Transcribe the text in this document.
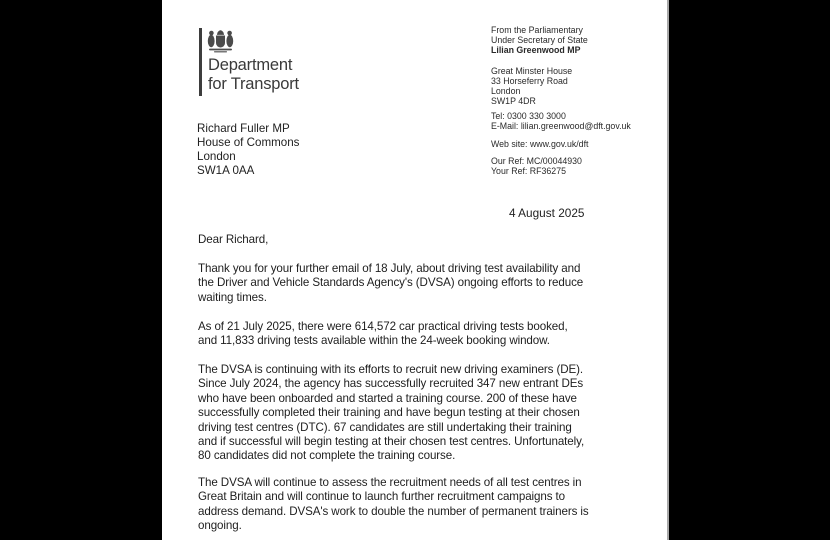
Department
for Transport
From the Parliamentary
Under Secretary of State
Lilian Greenwood MP
Great Minster House
33 Horseferry Road
London
SW1P 4DR
Tel: 0300 330 3000
E-Mail: lilian.greenwood@dft.gov.uk
Web site: www.gov.uk/dft
Our Ref: MC/00044930
Your Ref: RF36275
Richard Fuller MP
House of Commons
London
SW1A 0AA
4 August 2025
Dear Richard,
Thank you for your further email of 18 July, about driving test availability and
the Driver and Vehicle Standards Agency's (DVSA) ongoing efforts to reduce
waiting times.
As of 21 July 2025, there were 614,572 car practical driving tests booked,
and 11,833 driving tests available within the 24-week booking window.
The DVSA is continuing with its efforts to recruit new driving examiners (DE).
Since July 2024, the agency has successfully recruited 347 new entrant DEs
who have been onboarded and started a training course. 200 of these have
successfully completed their training and have begun testing at their chosen
driving test centres (DTC). 67 candidates are still undertaking their training
and if successful will begin testing at their chosen test centres. Unfortunately,
80 candidates did not complete the training course.
The DVSA will continue to assess the recruitment needs of all test centres in
Great Britain and will continue to launch further recruitment campaigns to
address demand. DVSA's work to double the number of permanent trainers is
ongoing.
